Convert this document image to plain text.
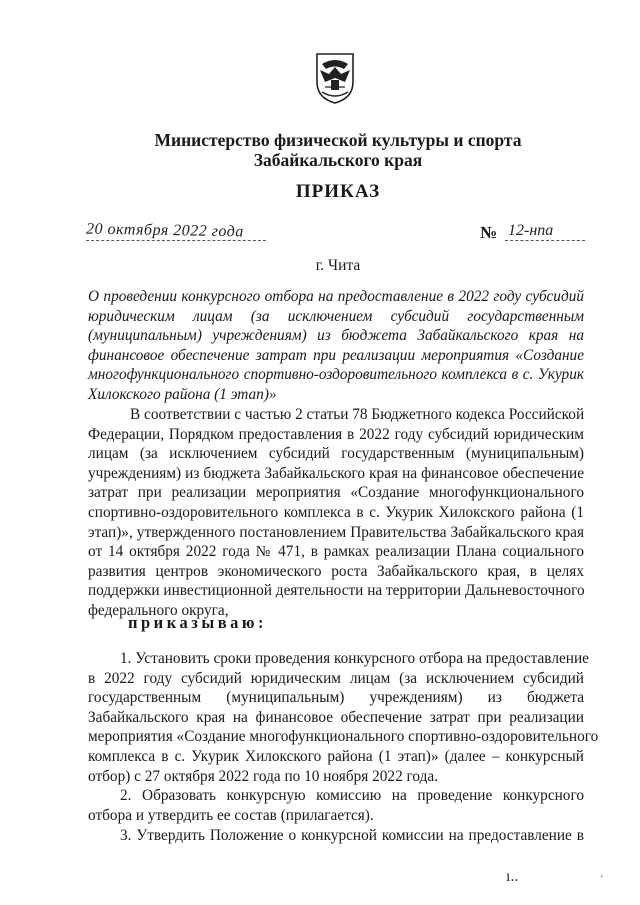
Министерство физической культуры и спорта
Забайкальского края
ПРИКАЗ
20 октября 2022 года	№ 12-нпа
г. Чита
О проведении конкурсного отбора на предоставление в 2022 году субсидий
юридическим лицам (за исключением субсидий государственным
(муниципальным) учреждениям) из бюджета Забайкальского края на
финансовое обеспечение затрат при реализации мероприятия «Создание
многофункционального спортивно-оздоровительного комплекса в с. Укурик
Хилокского района (1 этап)»
В соответствии с частью 2 статьи 78 Бюджетного кодекса Российской
Федерации, Порядком предоставления в 2022 году субсидий юридическим
лицам (за исключением субсидий государственным (муниципальным)
учреждениям) из бюджета Забайкальского края на финансовое обеспечение
затрат при реализации мероприятия «Создание многофункционального
спортивно-оздоровительного комплекса в с. Укурик Хилокского района (1
этап)», утвержденного постановлением Правительства Забайкальского края
от 14 октября 2022 года № 471, в рамках реализации Плана социального
развития центров экономического роста Забайкальского края, в целях
поддержки инвестиционной деятельности на территории Дальневосточного
федерального округа,
приказываю:
1. Установить сроки проведения конкурсного отбора на предоставление
в 2022 году субсидий юридическим лицам (за исключением субсидий
государственным (муниципальным) учреждениям) из бюджета
Забайкальского края на финансовое обеспечение затрат при реализации
мероприятия «Создание многофункционального спортивно-оздоровительного
комплекса в с. Укурик Хилокского района (1 этап)» (далее – конкурсный
отбор) с 27 октября 2022 года по 10 ноября 2022 года.
2. Образовать конкурсную комиссию на проведение конкурсного
отбора и утвердить ее состав (прилагается).
3. Утвердить Положение о конкурсной комиссии на предоставление в
ı..	·
